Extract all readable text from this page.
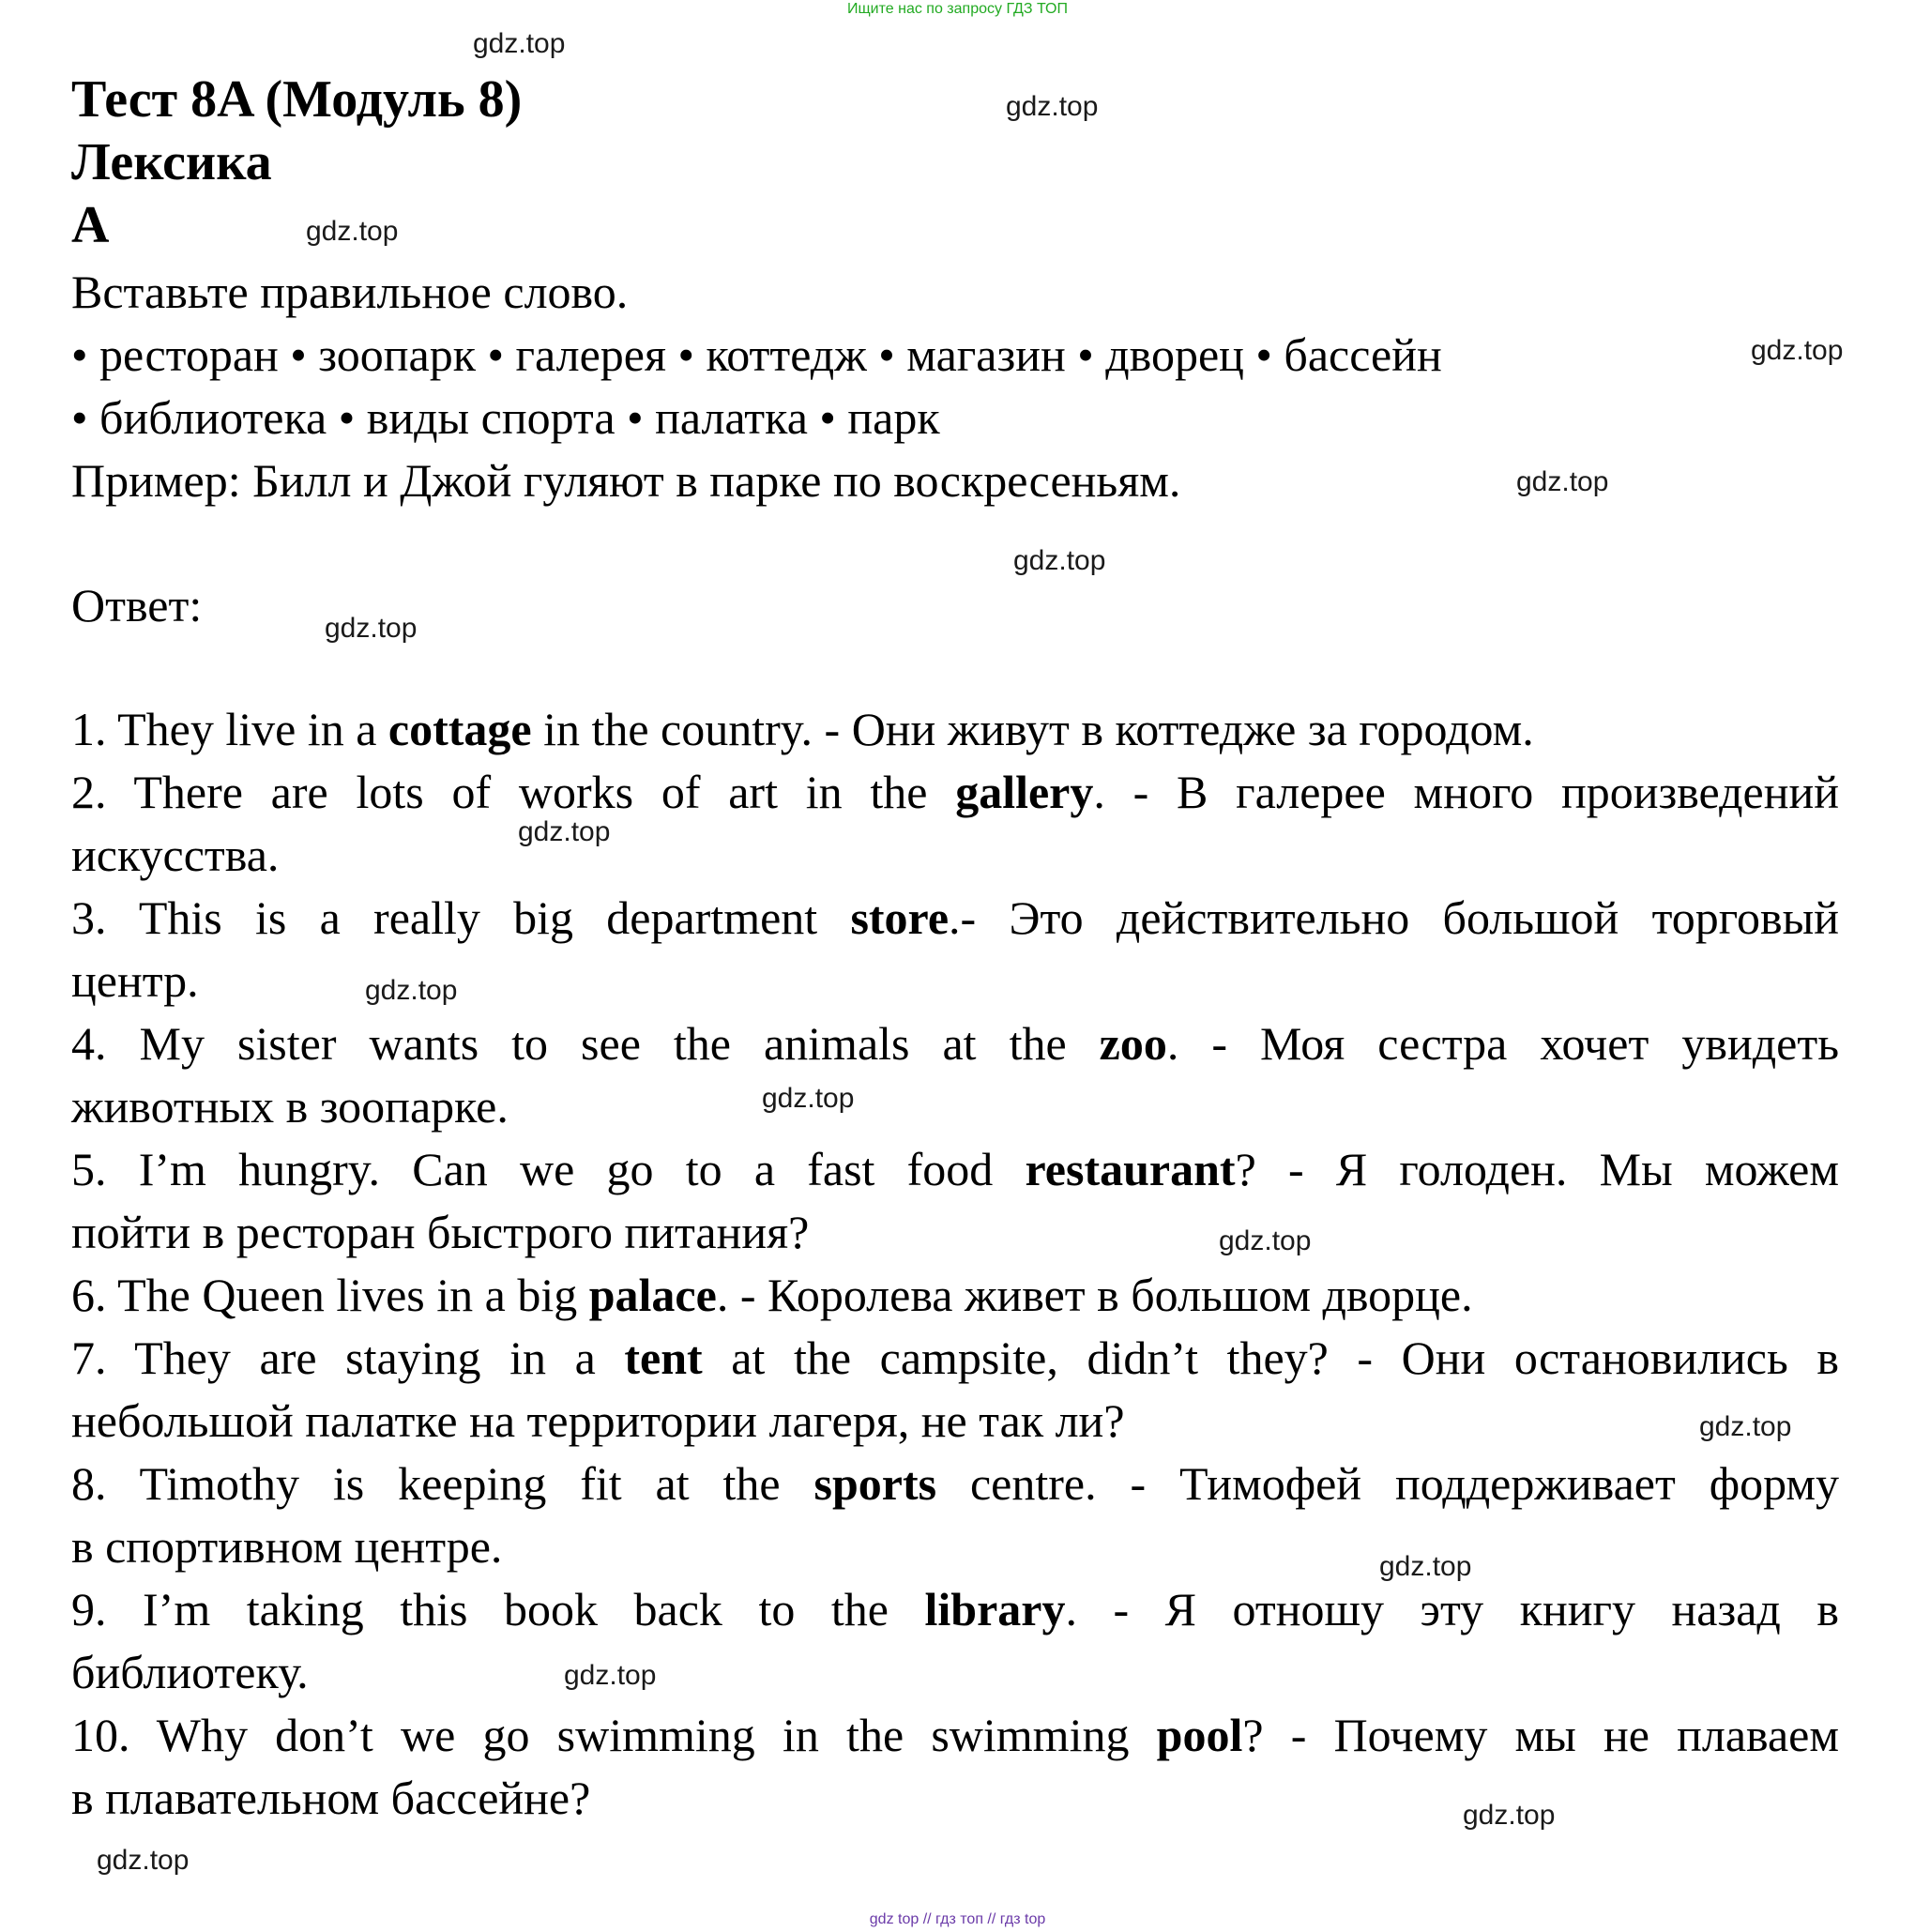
Ищите нас по запросу ГДЗ ТОП
Тест 8A (Модуль 8)
Лексика
A
Вставьте правильное слово.
• ресторан • зоопарк • галерея • коттедж • магазин • дворец • бассейн
• библиотека • виды спорта • палатка • парк
Пример: Билл и Джой гуляют в парке по воскресеньям.
Ответ:
1. They live in a cottage in the country. - Они живут в коттедже за городом.
2. There are lots of works of art in the gallery. - В галерее много произведений
искусства.
3. This is a really big department store.- Это действительно большой торговый
центр.
4. My sister wants to see the animals at the zoo. - Моя сестра хочет увидеть
животных в зоопарке.
5. I’m hungry. Can we go to a fast food restaurant? - Я голоден. Мы можем
пойти в ресторан быстрого питания?
6. The Queen lives in a big palace. - Королева живет в большом дворце.
7. They are staying in a tent at the campsite, didn’t they? - Они остановились в
небольшой палатке на территории лагеря, не так ли?
8. Timothy is keeping fit at the sports centre. - Тимофей поддерживает форму
в спортивном центре.
9. I’m taking this book back to the library. - Я отношу эту книгу назад в
библиотеку.
10. Why don’t we go swimming in the swimming pool? - Почему мы не плаваем
в плавательном бассейне?
gdz.top
gdz.top
gdz.top
gdz.top
gdz.top
gdz.top
gdz.top
gdz.top
gdz.top
gdz.top
gdz.top
gdz.top
gdz.top
gdz.top
gdz.top
gdz.top
gdz top // гдз топ // гдз top
